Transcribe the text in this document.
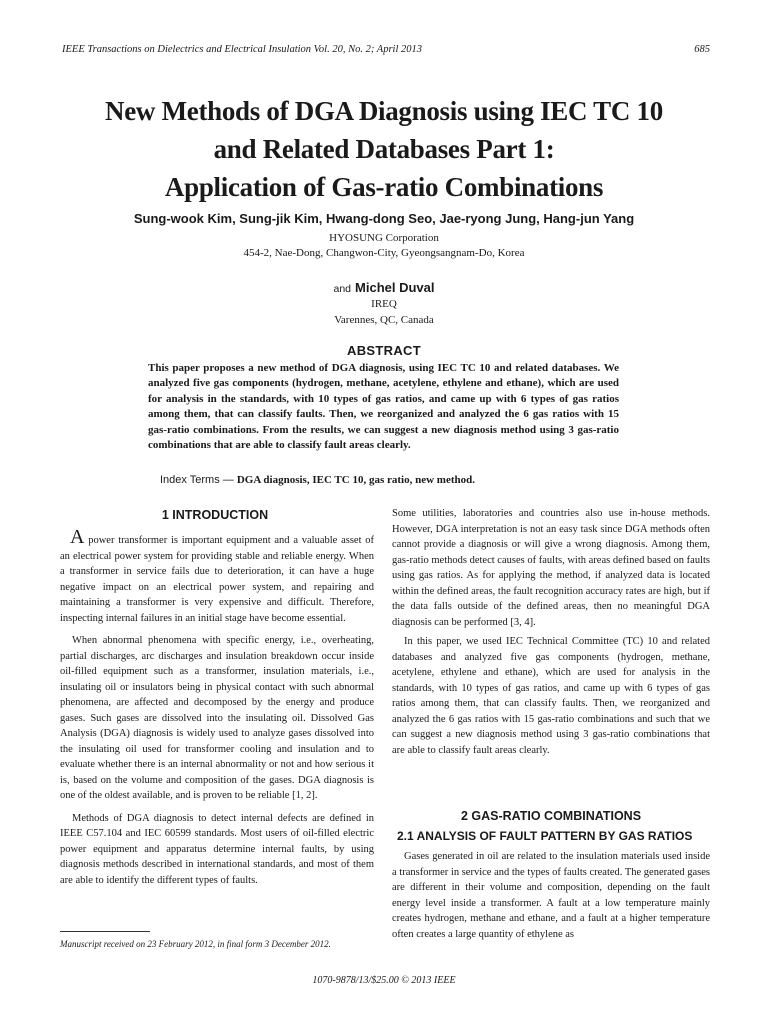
IEEE Transactions on Dielectrics and Electrical Insulation Vol. 20, No. 2; April 2013	685
New Methods of DGA Diagnosis using IEC TC 10
and Related Databases Part 1:
Application of Gas-ratio Combinations
Sung-wook Kim, Sung-jik Kim, Hwang-dong Seo, Jae-ryong Jung, Hang-jun Yang
HYOSUNG Corporation
454-2, Nae-Dong, Changwon-City, Gyeongsangnam-Do, Korea
and Michel Duval
IREQ
Varennes, QC, Canada
ABSTRACT
This paper proposes a new method of DGA diagnosis, using IEC TC 10 and related databases. We analyzed five gas components (hydrogen, methane, acetylene, ethylene and ethane), which are used for analysis in the standards, with 10 types of gas ratios, and came up with 6 types of gas ratios among them, that can classify faults. Then, we reorganized and analyzed the 6 gas ratios with 15 gas-ratio combinations. From the results, we can suggest a new diagnosis method using 3 gas-ratio combinations that are able to classify fault areas clearly.
Index Terms — DGA diagnosis, IEC TC 10, gas ratio, new method.
1 INTRODUCTION

A power transformer is important equipment and a valuable asset of an electrical power system for providing stable and reliable energy. When a transformer in service fails due to deterioration, it can have a huge negative impact on an electrical power system, and repairing and maintaining a transformer is very expensive and difficult. Therefore, inspecting internal failures in an initial stage have become essential.

When abnormal phenomena with specific energy, i.e., overheating, partial discharges, arc discharges and insulation breakdown occur inside oil-filled equipment such as a transformer, insulation materials, i.e., insulating oil or insulators being in physical contact with such abnormal phenomena, are affected and decomposed by the energy and produce gases. Such gases are dissolved into the insulating oil. Dissolved Gas Analysis (DGA) diagnosis is widely used to analyze gases dissolved into the insulating oil used for transformer cooling and insulation and to evaluate whether there is an internal abnormality or not and how serious it is, based on the volume and composition of the gases. DGA diagnosis is one of the oldest available, and is proven to be reliable [1, 2].

Methods of DGA diagnosis to detect internal defects are defined in IEEE C57.104 and IEC 60599 standards. Most users of oil-filled electric power equipment and apparatus determine internal faults, by using diagnosis methods described in international standards, and most of them are able to identify the different types of faults.

Some utilities, laboratories and countries also use in-house methods. However, DGA interpretation is not an easy task since DGA methods often cannot provide a diagnosis or will give a wrong diagnosis. Among them, gas-ratio methods detect causes of faults, with areas defined based on faults using gas ratios. As for applying the method, if analyzed data is located within the defined areas, the fault recognition accuracy rates are high, but if the data falls outside of the defined areas, then no meaningful DGA diagnosis can be performed [3, 4].

In this paper, we used IEC Technical Committee (TC) 10 and related databases and analyzed five gas components (hydrogen, methane, acetylene, ethylene and ethane), which are used for analysis in the standards, with 10 types of gas ratios, and came up with 6 types of gas ratios among them, that can classify faults. Then, we reorganized and analyzed the 6 gas ratios with 15 gas-ratio combinations and such that we can suggest a new diagnosis method using 3 gas-ratio combinations that are able to classify fault areas clearly.

2 GAS-RATIO COMBINATIONS
2.1 ANALYSIS OF FAULT PATTERN BY GAS RATIOS

Gases generated in oil are related to the insulation materials used inside a transformer in service and the types of faults created. The generated gases are different in their volume and composition, depending on the fault energy level inside a transformer. A fault at a low temperature mainly creates hydrogen, methane and ethane, and a fault at a higher temperature often creates a large quantity of ethylene as

Manuscript received on 23 February 2012, in final form 3 December 2012.
1070-9878/13/$25.00 © 2013 IEEE
